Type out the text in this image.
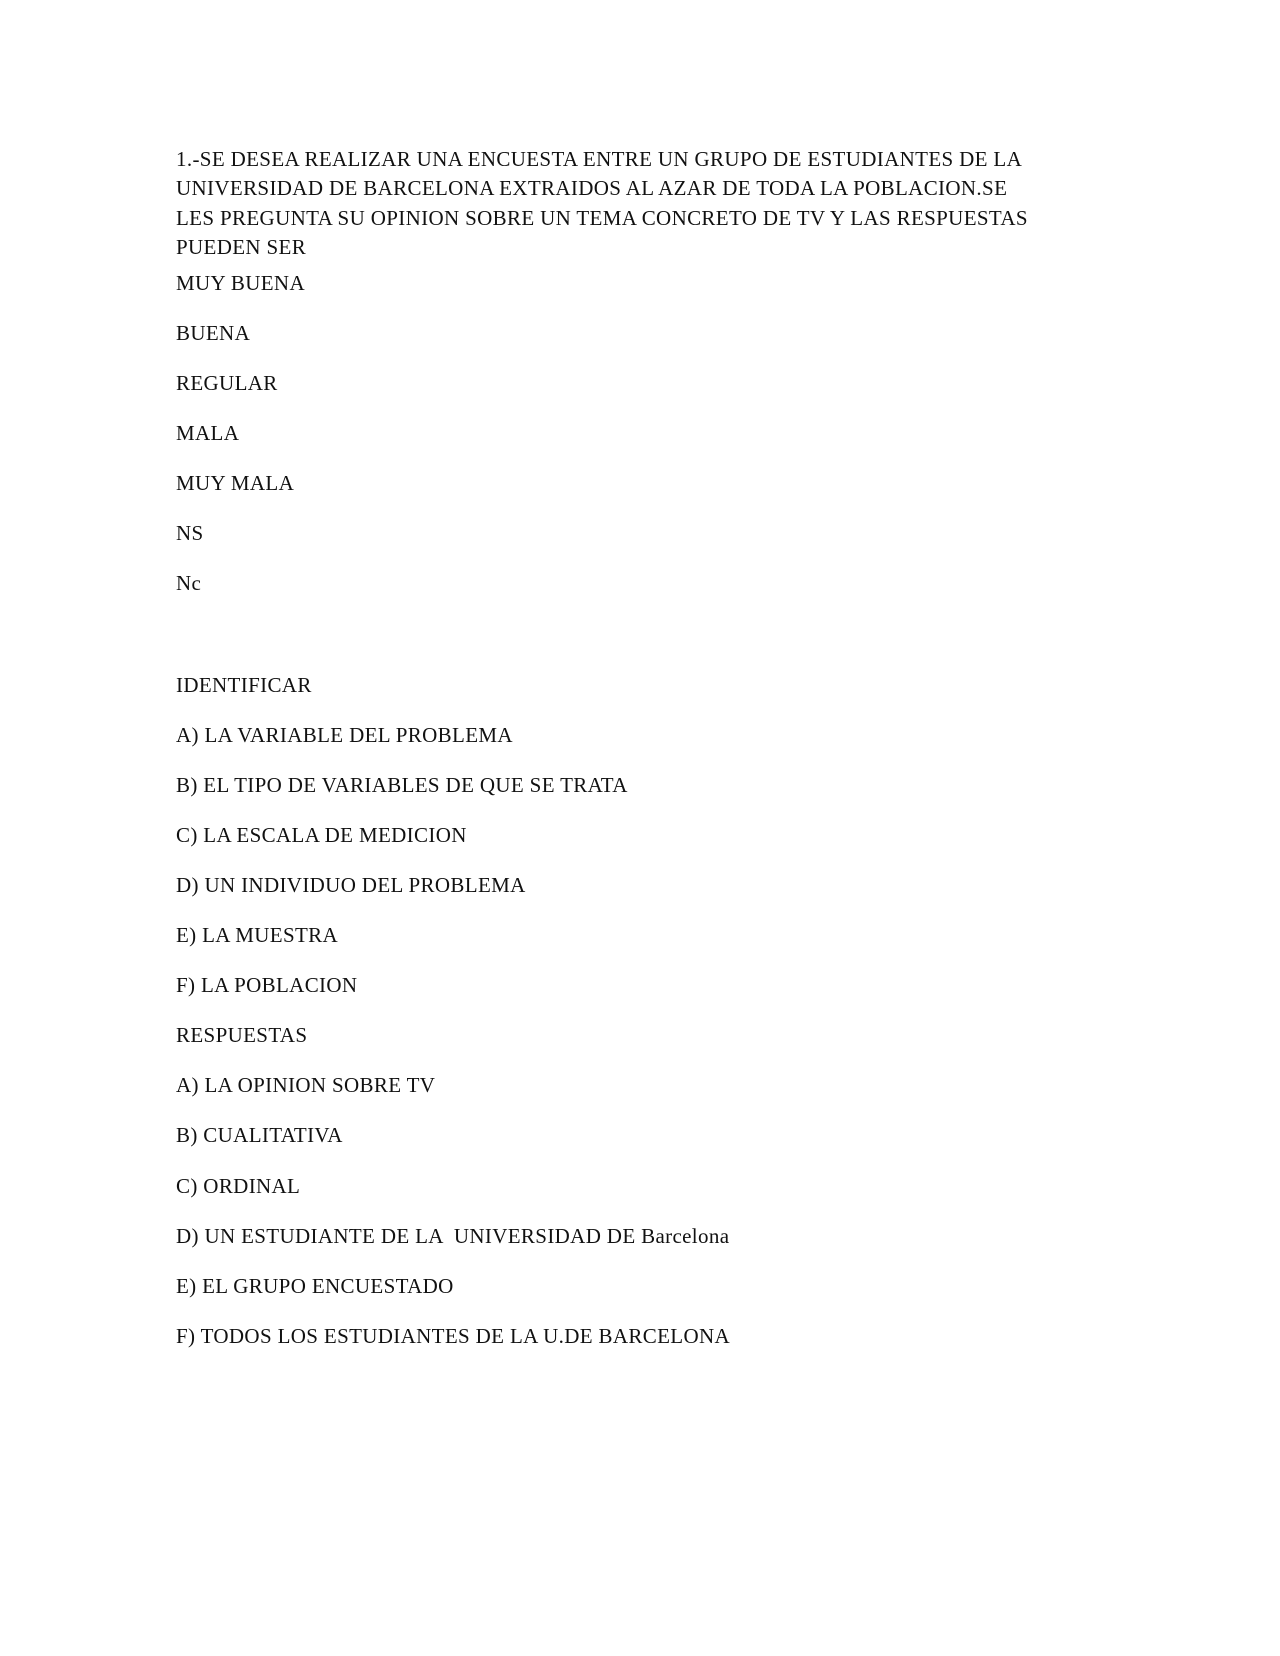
1.-SE DESEA REALIZAR UNA ENCUESTA ENTRE UN GRUPO DE ESTUDIANTES DE LA
UNIVERSIDAD DE BARCELONA EXTRAIDOS AL AZAR DE TODA LA POBLACION.SE
LES PREGUNTA SU OPINION SOBRE UN TEMA CONCRETO DE TV Y LAS RESPUESTAS
PUEDEN SER
MUY BUENA
BUENA
REGULAR
MALA
MUY MALA
NS
Nc
IDENTIFICAR
A) LA VARIABLE DEL PROBLEMA
B) EL TIPO DE VARIABLES DE QUE SE TRATA
C) LA ESCALA DE MEDICION
D) UN INDIVIDUO DEL PROBLEMA
E) LA MUESTRA
F) LA POBLACION
RESPUESTAS
A) LA OPINION SOBRE TV
B) CUALITATIVA
C) ORDINAL
D) UN ESTUDIANTE DE LA  UNIVERSIDAD DE Barcelona
E) EL GRUPO ENCUESTADO
F) TODOS LOS ESTUDIANTES DE LA U.DE BARCELONA
